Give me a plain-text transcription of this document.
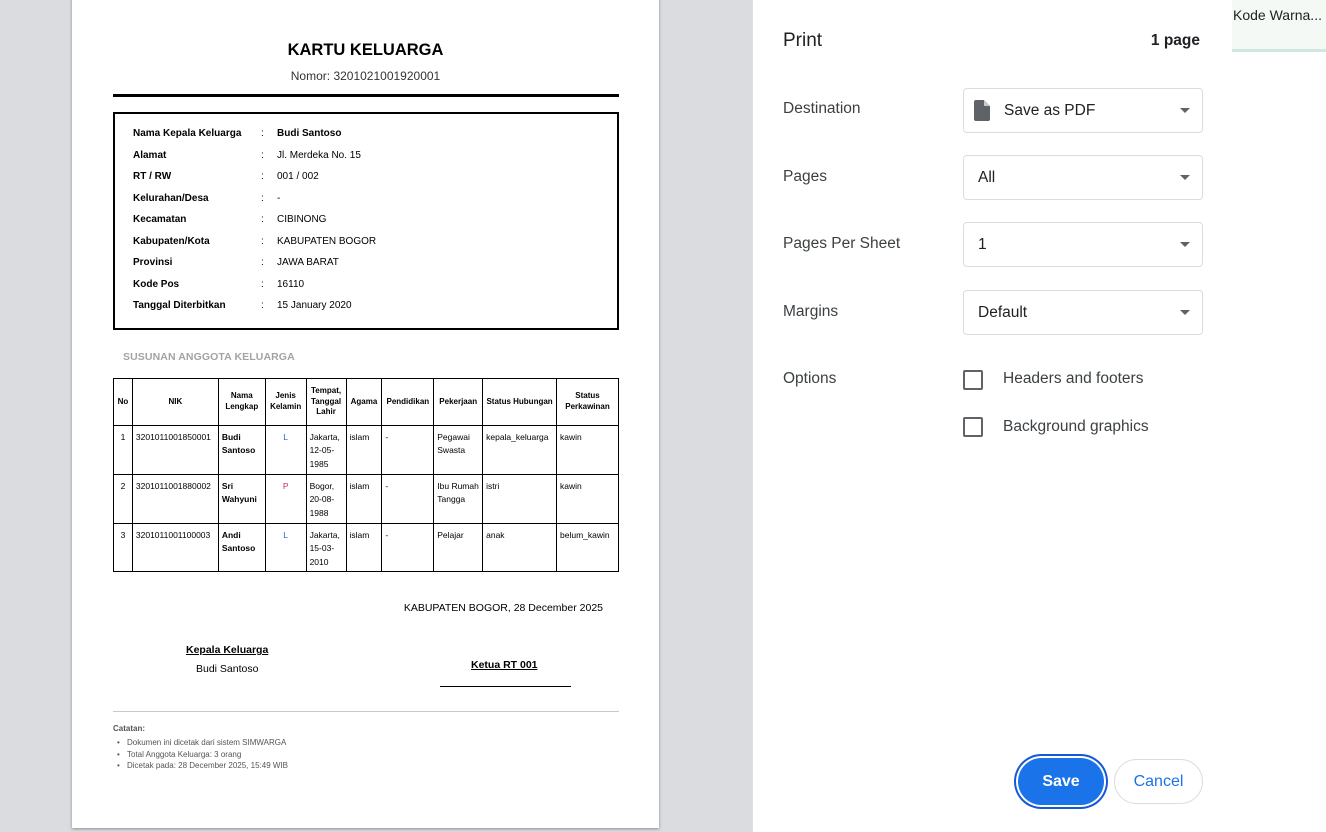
KARTU KELUARGA
Nomor: 3201021001920001
Nama Kepala Keluarga : Budi Santoso
Alamat	: Jl. Merdeka No. 15
RT / RW	: 001 / 002
Kelurahan/Desa	: -
Kecamatan	: CIBINONG
Kabupaten/Kota	: KABUPATEN BOGOR
Provinsi	: JAWA BARAT
Kode Pos	: 16110
Tanggal Diterbitkan	: 15 January 2020
SUSUNAN ANGGOTA KELUARGA
No	NIK	Nama Lengkap	Jenis Kelamin	Tempat, Tanggal Lahir	Agama	Pendidikan	Pekerjaan	Status Hubungan	Status Perkawinan
1	3201011001850001	Budi Santoso	L	Jakarta, 12-05-1985	islam	-	Pegawai Swasta	kepala_keluarga	kawin
2	3201011001880002	Sri Wahyuni	P	Bogor, 20-08-1988	islam	-	Ibu Rumah Tangga	istri	kawin
3	3201011001100003	Andi Santoso	L	Jakarta, 15-03-2010	islam	-	Pelajar	anak	belum_kawin
KABUPATEN BOGOR, 28 December 2025
Kepala Keluarga
Budi Santoso	Ketua RT 001
Catatan:
• Dokumen ini dicetak dari sistem SIMWARGA
• Total Anggota Keluarga: 3 orang
• Dicetak pada: 28 December 2025, 15:49 WIB
Print	1 page
Destination	Save as PDF
Pages	All
Pages Per Sheet	1
Margins	Default
Options	Headers and footers
Background graphics
Save	Cancel
Kode Warna...
